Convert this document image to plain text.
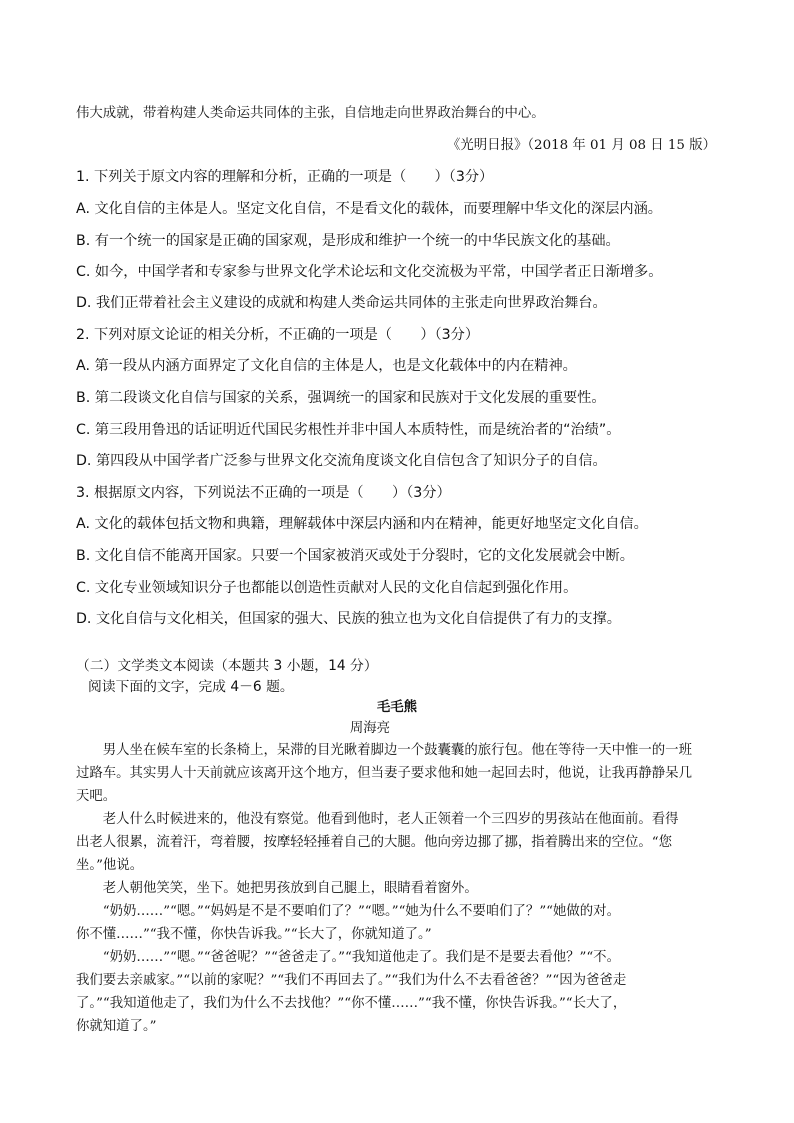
伟大成就，带着构建人类命运共同体的主张，自信地走向世界政治舞台的中心。
《光明日报》（2018 年 01 月 08 日 15 版）
1. 下列关于原文内容的理解和分析，正确的一项是（　　）（3分）
A. 文化自信的主体是人。坚定文化自信，不是看文化的载体，而要理解中华文化的深层内涵。
B. 有一个统一的国家是正确的国家观，是形成和维护一个统一的中华民族文化的基础。
C. 如今，中国学者和专家参与世界文化学术论坛和文化交流极为平常，中国学者正日渐增多。
D. 我们正带着社会主义建设的成就和构建人类命运共同体的主张走向世界政治舞台。
2. 下列对原文论证的相关分析，不正确的一项是（　　）（3分）
A. 第一段从内涵方面界定了文化自信的主体是人，也是文化载体中的内在精神。
B. 第二段谈文化自信与国家的关系，强调统一的国家和民族对于文化发展的重要性。
C. 第三段用鲁迅的话证明近代国民劣根性并非中国人本质特性，而是统治者的“治绩”。
D. 第四段从中国学者广泛参与世界文化交流角度谈文化自信包含了知识分子的自信。
3. 根据原文内容，下列说法不正确的一项是（　　）（3分）
A. 文化的载体包括文物和典籍，理解载体中深层内涵和内在精神，能更好地坚定文化自信。
B. 文化自信不能离开国家。只要一个国家被消灭或处于分裂时，它的文化发展就会中断。
C. 文化专业领域知识分子也都能以创造性贡献对人民的文化自信起到强化作用。
D. 文化自信与文化相关，但国家的强大、民族的独立也为文化自信提供了有力的支撑。
（二）文学类文本阅读（本题共 3 小题，14 分）
阅读下面的文字，完成 4－6 题。
毛毛熊
周海亮
　　男人坐在候车室的长条椅上，呆滞的目光瞅着脚边一个鼓囊囊的旅行包。他在等待一天中惟一的一班
过路车。其实男人十天前就应该离开这个地方，但当妻子要求他和她一起回去时，他说，让我再静静呆几
天吧。
　　老人什么时候进来的，他没有察觉。他看到他时，老人正领着一个三四岁的男孩站在他面前。看得
出老人很累，流着汗，弯着腰，按摩轻轻捶着自己的大腿。他向旁边挪了挪，指着腾出来的空位。“您
坐。”他说。
　　老人朝他笑笑，坐下。她把男孩放到自己腿上，眼睛看着窗外。
　　“奶奶……”“嗯。”“妈妈是不是不要咱们了？”“嗯。”“她为什么不要咱们了？”“她做的对。
你不懂……”“我不懂，你快告诉我。”“长大了，你就知道了。”
　　“奶奶……”“嗯。”“爸爸呢？”“爸爸走了。”“我知道他走了。我们是不是要去看他？”“不。
我们要去亲戚家。”“以前的家呢？”“我们不再回去了。”“我们为什么不去看爸爸？”“因为爸爸走
了。”“我知道他走了，我们为什么不去找他？”“你不懂……”“我不懂，你快告诉我。”“长大了，
你就知道了。”
